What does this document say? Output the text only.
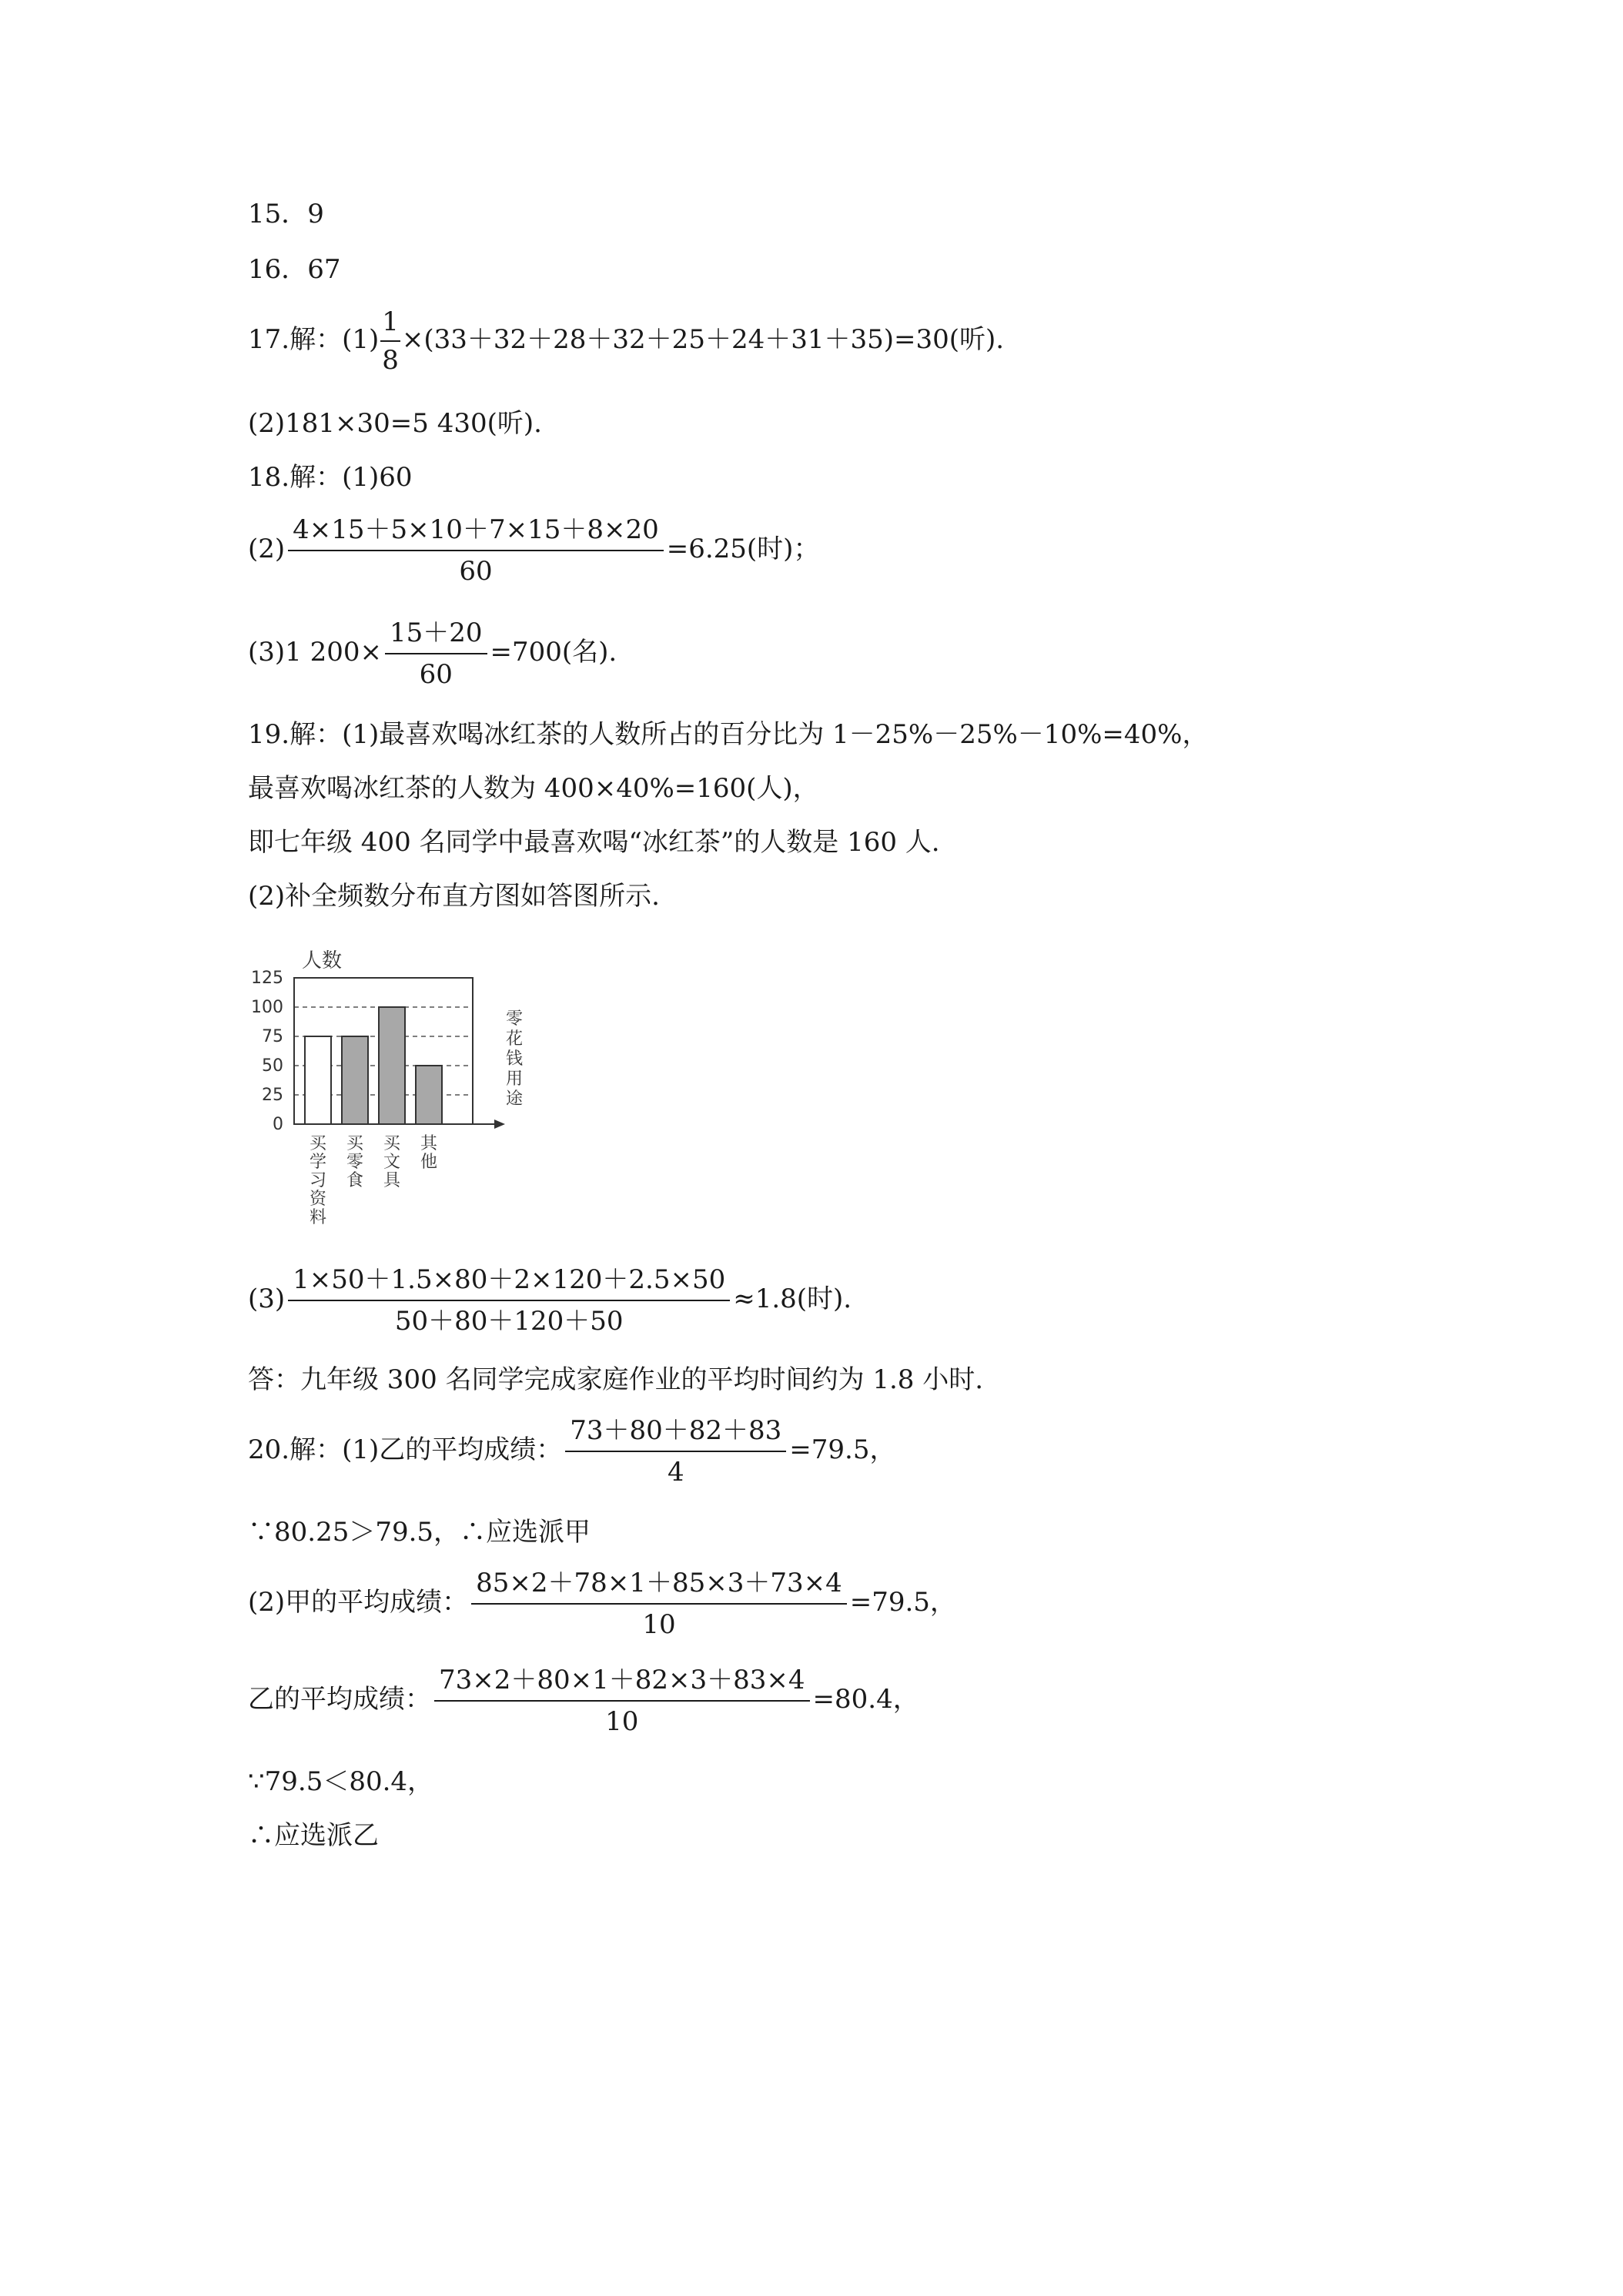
15．9
16．67
17.解：$(1) \frac{1}{8} \times(33+32+28+32+25+24+31+35)=30$(听).
(2)181×30=5 430(听).
18.解：(1)60
$(2) \frac{4\times 15+5\times 10+7\times 15+8\times 20}{60} =6.25$(时)；
(3)1 $200\times \frac{15+20}{60} =700$(名).
19.解：(1)最喜欢喝冰红茶的人数所占的百分比为 1－25%－25%－10%=40%，
最喜欢喝冰红茶的人数为 400×40%=160(人)，
即七年级 400 名同学中最喜欢喝“冰红茶”的人数是 160 人.
(2)补全频数分布直方图如答图所示.
人数
0
25
50
75
100
125
零
花
钱
用
途
买
学
习
资
料
买
零
食
买
文
具
其
他
$(3) \frac{1\times 50+1.5\times 80+2\times 120+2.5\times 50}{50+80+120+50} \approx 1.8$(时).
答：九年级 300 名同学完成家庭作业的平均时间约为 1.8 小时.
20.解：(1)乙的平均成绩： $\frac{73+80+82+83}{4} =79.5$，
∵80.25＞79.5，∴应选派甲
(2)甲的平均成绩： $\frac{85\times 2+78\times 1+85\times 3+73\times 4}{10} =79.5$，
乙的平均成绩： $\frac{73\times 2+80\times 1+82\times 3+83\times 4}{10} =80.4$，
∵79.5＜80.4，
∴应选派乙
